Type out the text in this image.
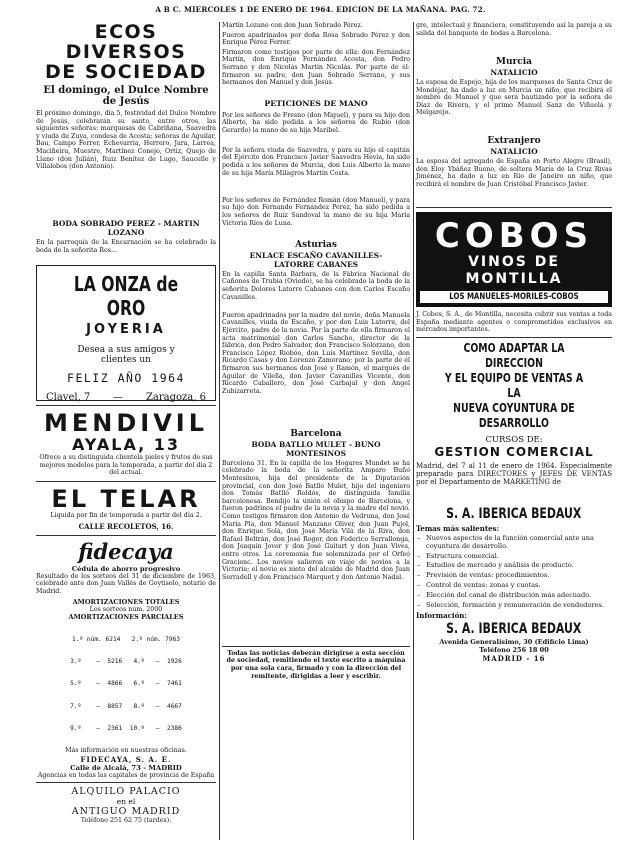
A B C. MIERCOLES 1 DE ENERO DE 1964. EDICION DE LA MAÑANA. PAG. 72.
ECOS DIVERSOS
DE SOCIEDAD
El domingo, el Dulce Nombre
de Jesús

El próximo domingo, día 5, festividad del Dulce Nombre de Jesús, celebrarán su santo, entre otros, las siguientes señoras: marquesas de Cabriñana, Saavedra y viuda de Zuya, condesa de Acosta; señoras de Aguilar, Bau, Campo Ferrer, Echevarría, Herrero, Jara, Larrea, Maciñeira, Muestre, Martínez Conejo, Ortiz, Quejo de Llano (don Julián), Ruiz Benítez de Lugo, Saucelle y Villalobos (don Antonio).

BODA SOBRADO PEREZ - MARTIN
LOZANO

En la parroquia de la Encarnación se ha celebrado la boda de la señorita Ros...

LA ONZA de ORO
JOYERIA
Desea a sus amigos y
clientes un
FELIZ AÑO 1964
Clavel, 7 — Zaragoza, 6
MENDIVIL
AYALA, 13

Ofrece a su distinguida clientela pieles y frutos de sus mejores modelos para la temporada, a partir del día 2 del actual.

EL TELAR

Liquida por fin de temporada a partir del día 2.

CALLE RECOLETOS, 16.
fidecaya
Cédula de ahorro progresivo

Resultado de los sorteos del 31 de diciembre de 1963, celebrado ante don Juan Vallés de Goytisolo, notario de Madrid.

AMORTIZACIONES TOTALES
Los sorteos núm. 2000
AMORTIZACIONES PARCIALES

1.º núm. 6214   2.º núm. 7963

3.º    —  5216   4.º   —  1926

5.º    —  4866   6.º   —  7461

7.º    —  8857   8.º   —  4667

9.º    —  2361  10.º   —  2386

Más información en nuestras oficinas.
FIDECAYA, S. A. E.
Calle de Alcalá, 73 - MADRID
Agencias en todas las capitales de provincia de España
ALQUILO PALACIO
en el
ANTIGUO MADRID
Teléfono 251 62 75 (tardes).

Martín Lozano con don Juan Sobrado Pérez.

Fueron apadrinados por doña Rosa Sobrado Pérez y don Enrique Pérez Ferrer.

Firmaron como testigos por parte de ella: don Fernández Martín, don Enrique Fernández Acosta, don Pedro Serrano y don Nicolás Martín Nicolás. Por parte de él: firmaron su padre, don Juan Sobrado Serrano, y sus hermanos don Manuel y don Jesús.

PETICIONES DE MANO

Por los señores de Fresno (don Miguel), y para su hijo don Alberto, ha sido pedida a los señores de Rubio (don Gerardo) la mano de su hija Maribel.

Por la señora viuda de Saavedra, y para su hijo el capitán del Ejército don Francisco Javier Saavedra Hevia, ha sido pedida a los señores de Murcia, don Luis Alberto la mano de su hija María Milagros Martín Costa.

Por los señores de Fernández Román (don Manuel), y para su hijo don Fernando Fernández Pérez, ha sido pedida a los señores de Ruiz Sandoval la mano de su hija María Victoria Ríos de Luna.

Asturias
ENLACE ESCAÑO CAVANILLES-
LATORRE CABANES

En la capilla Santa Bárbara, de la Fábrica Nacional de Cañones de Trubia (Oviedo), se ha celebrado la boda de la señorita Dolores Latorre Cabanes con don Carlos Escaño Cavanilles.

Fueron apadrinados por la madre del novio, doña Manuela Cavanilles, viuda de Escaño, y por don Luis Latorre, del Ejército, padre de la novia. Por la parte de ella firmaron el acta matrimonial don Carlos Sancho, director de la fábrica, don Pedro Salvador, don Francisco Solórzano, don Francisco López Riobóo, don Luis Martínez Sevilla, don Ricardo Casas y don Lorenzo Zamorano; por la parte de él firmaron sus hermanos don José y Ramón, el marqués de Aguilar de Vileña, don Javier Cavanilles Vicente, don Ricardo Caballero, don José Carbajal y don Angel Zubizarreta.

Barcelona
BODA BATLLO MULET - BUNO
MONTESINOS

Barcelona 31. En la capilla de los Hogares Mundet se ha celebrado la boda de la señorita Amparo Buñó Montesinos, hija del presidente de la Diputación provincial, con don José Batlló Mulet, hijo del ingeniero don Tomás Batlló Roldós, de distinguida familia barcelonesa. Bendijo la unión el obispo de Barcelona, y fueron padrinos el padre de la novia y la madre del novio. Como testigos firmaron don Antonio de Vedruna, don José María Pla, don Manuel Manzano Oliver, don Juan Pujol, don Enrique Solá, don José María Vilá de la Riva, don Rafael Beltrán, don José Roger, don Federico Serrallonga, don Joaquín Jover y don José Guitart y don Juan Vives, entre otros. La ceremonia fue solemnizada por el Orfeó Gracienc. Los novios salieron en viaje de novios a la Victoria; el novio es nieto del alcalde de Madrid don Juan Serradell y don Francisco Marquet y don Antonio Nadal.

Todas las noticias deberán dirigirse a esta sección de sociedad, remitiendo el texto escrito a máquina por una sola cara, firmado y con la dirección del remitente, dirigidas a leer y escribir.

gre, intelectual y financiera, constituyendo así la pareja a su salida del banquete de bodas a Barcelona.

Murcia
NATALICIO

La esposa de Espejo, hija de los marqueses de Santa Cruz de Mondéjar, ha dado a luz en Murcia un niño, que recibirá el nombre de Manuel y que será bautizado por la señora de Díaz de Rivera, y el primo Manuel Sanz de Viñuela y Melgarejo.

Extranjero
NATALICIO

La esposa del agregado de España en Porto Alegre (Brasil), don Eloy Ybáñez Bueno, de soltera María de la Cruz Rivas Jiménez, ha dado a luz en Río de Janeiro un niño, que recibirá el nombre de Juan Cristóbal Francisco Javier.

COBOS
VINOS DE MONTILLA
LOS MANUELES-MORILES-COBOS

J. Cobos, S. A., de Montilla, necesita cubrir sus ventas a toda España mediante agentes o comprometidos exclusivos en mercados importantes.

COMO ADAPTAR LA DIRECCION
Y EL EQUIPO DE VENTAS A LA
NUEVA COYUNTURA DE
DESARROLLO
CURSOS DE:
GESTION COMERCIAL

Madrid, del 7 al 11 de enero de 1964. Especialmente preparado para DIRECTORES y JEFES DE VENTAS por el Departamento de MARKETING de

S. A. IBERICA BEDAUX
Temas más salientes:
– Nuevos aspectos de la función comercial ante una coyuntura de desarrollo.
– Estructura comercial.
– Estudios de mercado y análisis de producto.
– Previsión de ventas: procedimientos.
– Control de ventas: zonas y cuotas.
– Elección del canal de distribución más adecuado.
– Selección, formación y remuneración de vendedores.
Información:
S. A. IBERICA BEDAUX
Avenida Generalísimo, 30 (Edificio Lima)
Teléfono 256 18 00
MADRID - 16
